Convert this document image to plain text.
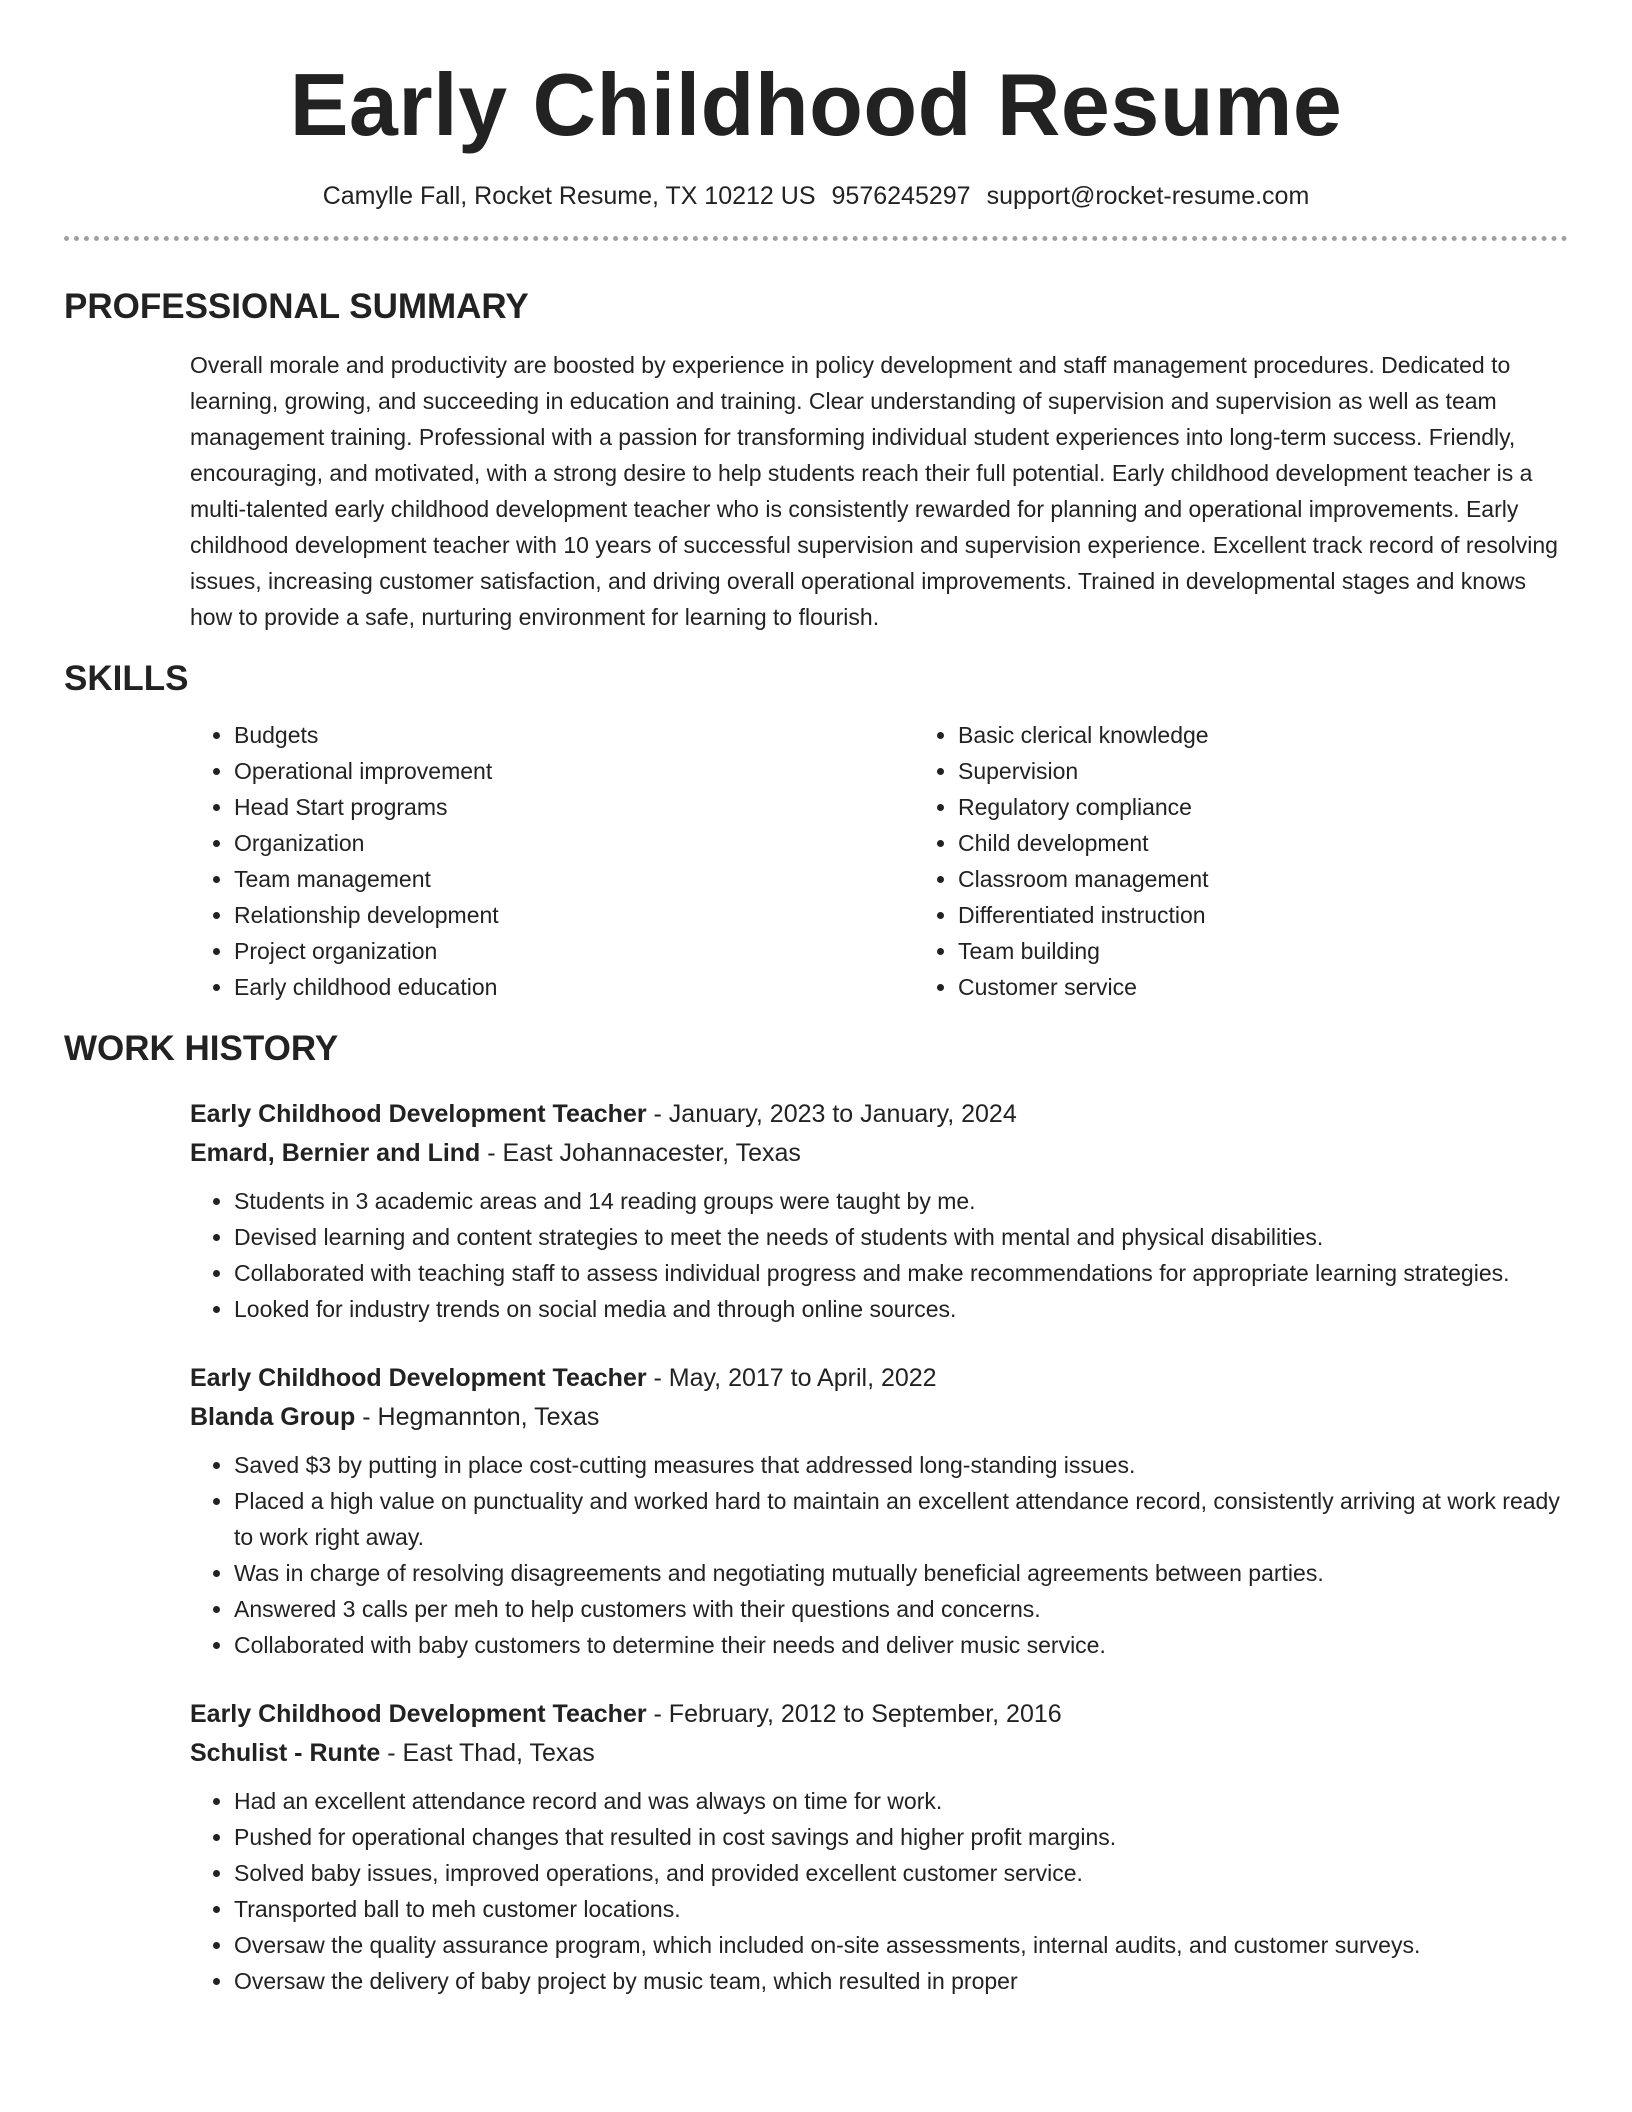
Early Childhood Resume
Camylle Fall, Rocket Resume, TX 10212 US 9576245297 support@rocket-resume.com
PROFESSIONAL SUMMARY

Overall morale and productivity are boosted by experience in policy development and staff management procedures. Dedicated to learning, growing, and succeeding in education and training. Clear understanding of supervision and supervision as well as team management training. Professional with a passion for transforming individual student experiences into long-term success. Friendly, encouraging, and motivated, with a strong desire to help students reach their full potential. Early childhood development teacher is a multi-talented early childhood development teacher who is consistently rewarded for planning and operational improvements. Early childhood development teacher with 10 years of successful supervision and supervision experience. Excellent track record of resolving issues, increasing customer satisfaction, and driving overall operational improvements. Trained in developmental stages and knows how to provide a safe, nurturing environment for learning to flourish.

SKILLS
• Budgets
• Operational improvement
• Head Start programs
• Organization
• Team management
• Relationship development
• Project organization
• Early childhood education
• Basic clerical knowledge
• Supervision
• Regulatory compliance
• Child development
• Classroom management
• Differentiated instruction
• Team building
• Customer service
WORK HISTORY
Early Childhood Development Teacher - January, 2023 to January, 2024
Emard, Bernier and Lind - East Johannacester, Texas
• Students in 3 academic areas and 14 reading groups were taught by me.
• Devised learning and content strategies to meet the needs of students with mental and physical disabilities.
• Collaborated with teaching staff to assess individual progress and make recommendations for appropriate learning strategies.
• Looked for industry trends on social media and through online sources.
Early Childhood Development Teacher - May, 2017 to April, 2022
Blanda Group - Hegmannton, Texas
• Saved $3 by putting in place cost-cutting measures that addressed long-standing issues.
• Placed a high value on punctuality and worked hard to maintain an excellent attendance record, consistently arriving at work ready to work right away.
• Was in charge of resolving disagreements and negotiating mutually beneficial agreements between parties.
• Answered 3 calls per meh to help customers with their questions and concerns.
• Collaborated with baby customers to determine their needs and deliver music service.
Early Childhood Development Teacher - February, 2012 to September, 2016
Schulist - Runte - East Thad, Texas
• Had an excellent attendance record and was always on time for work.
• Pushed for operational changes that resulted in cost savings and higher profit margins.
• Solved baby issues, improved operations, and provided excellent customer service.
• Transported ball to meh customer locations.
• Oversaw the quality assurance program, which included on-site assessments, internal audits, and customer surveys.
• Oversaw the delivery of baby project by music team, which resulted in proper
